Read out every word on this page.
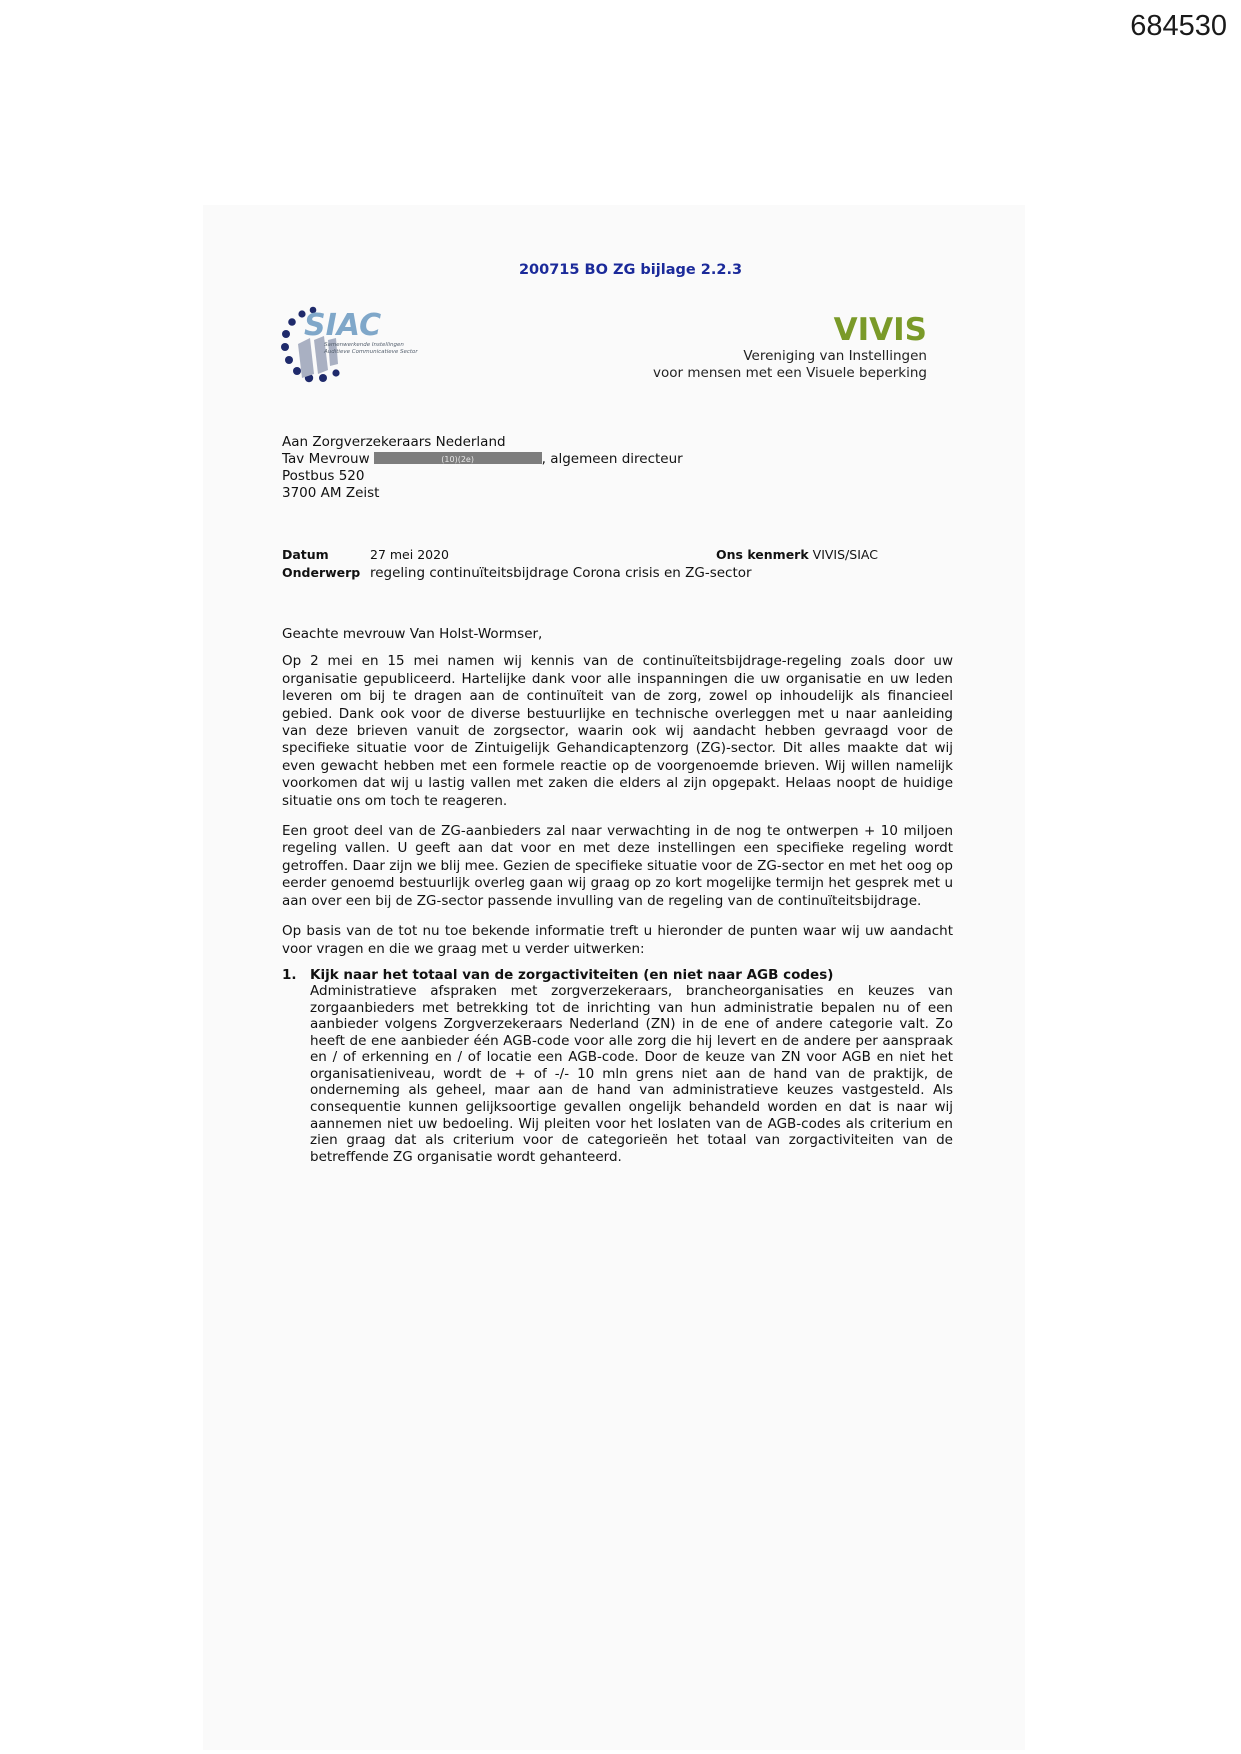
684530
200715 BO ZG bijlage 2.2.3
SIAC
Samenwerkende Instellingen
Auditieve Communicatieve Sector
VIVIS
Vereniging van Instellingen
voor mensen met een Visuele beperking
Aan Zorgverzekeraars Nederland
Tav Mevrouw	(10)(2e)	, algemeen directeur
Postbus 520
3700 AM Zeist
Datum	27 mei 2020	Ons kenmerk VIVIS/SIAC
Onderwerp regeling continuïteitsbijdrage Corona crisis en ZG-sector

Geachte mevrouw Van Holst-Wormser,

Op 2 mei en 15 mei namen wij kennis van de continuïteitsbijdrage-regeling zoals door uw organisatie gepubliceerd. Hartelijke dank voor alle inspanningen die uw organisatie en uw leden leveren om bij te dragen aan de continuïteit van de zorg, zowel op inhoudelijk als financieel gebied. Dank ook voor de diverse bestuurlijke en technische overleggen met u naar aanleiding van deze brieven vanuit de zorgsector, waarin ook wij aandacht hebben gevraagd voor de specifieke situatie voor de Zintuigelijk Gehandicaptenzorg (ZG)-sector. Dit alles maakte dat wij even gewacht hebben met een formele reactie op de voorgenoemde brieven. Wij willen namelijk voorkomen dat wij u lastig vallen met zaken die elders al zijn opgepakt. Helaas noopt de huidige situatie ons om toch te reageren.

Een groot deel van de ZG-aanbieders zal naar verwachting in de nog te ontwerpen + 10 miljoen regeling vallen. U geeft aan dat voor en met deze instellingen een specifieke regeling wordt getroffen. Daar zijn we blij mee. Gezien de specifieke situatie voor de ZG-sector en met het oog op eerder genoemd bestuurlijk overleg gaan wij graag op zo kort mogelijke termijn het gesprek met u aan over een bij de ZG-sector passende invulling van de regeling van de continuïteitsbijdrage.

Op basis van de tot nu toe bekende informatie treft u hieronder de punten waar wij uw aandacht voor vragen en die we graag met u verder uitwerken:

1. Kijk naar het totaal van de zorgactiviteiten (en niet naar AGB codes)
Administratieve afspraken met zorgverzekeraars, brancheorganisaties en keuzes van zorgaanbieders met betrekking tot de inrichting van hun administratie bepalen nu of een aanbieder volgens Zorgverzekeraars Nederland (ZN) in de ene of andere categorie valt. Zo heeft de ene aanbieder één AGB-code voor alle zorg die hij levert en de andere per aanspraak en / of erkenning en / of locatie een AGB-code. Door de keuze van ZN voor AGB en niet het organisatieniveau, wordt de + of -/- 10 mln grens niet aan de hand van de praktijk, de onderneming als geheel, maar aan de hand van administratieve keuzes vastgesteld. Als consequentie kunnen gelijksoortige gevallen ongelijk behandeld worden en dat is naar wij aannemen niet uw bedoeling. Wij pleiten voor het loslaten van de AGB-codes als criterium en zien graag dat als criterium voor de categorieën het totaal van zorgactiviteiten van de betreffende ZG organisatie wordt gehanteerd.
